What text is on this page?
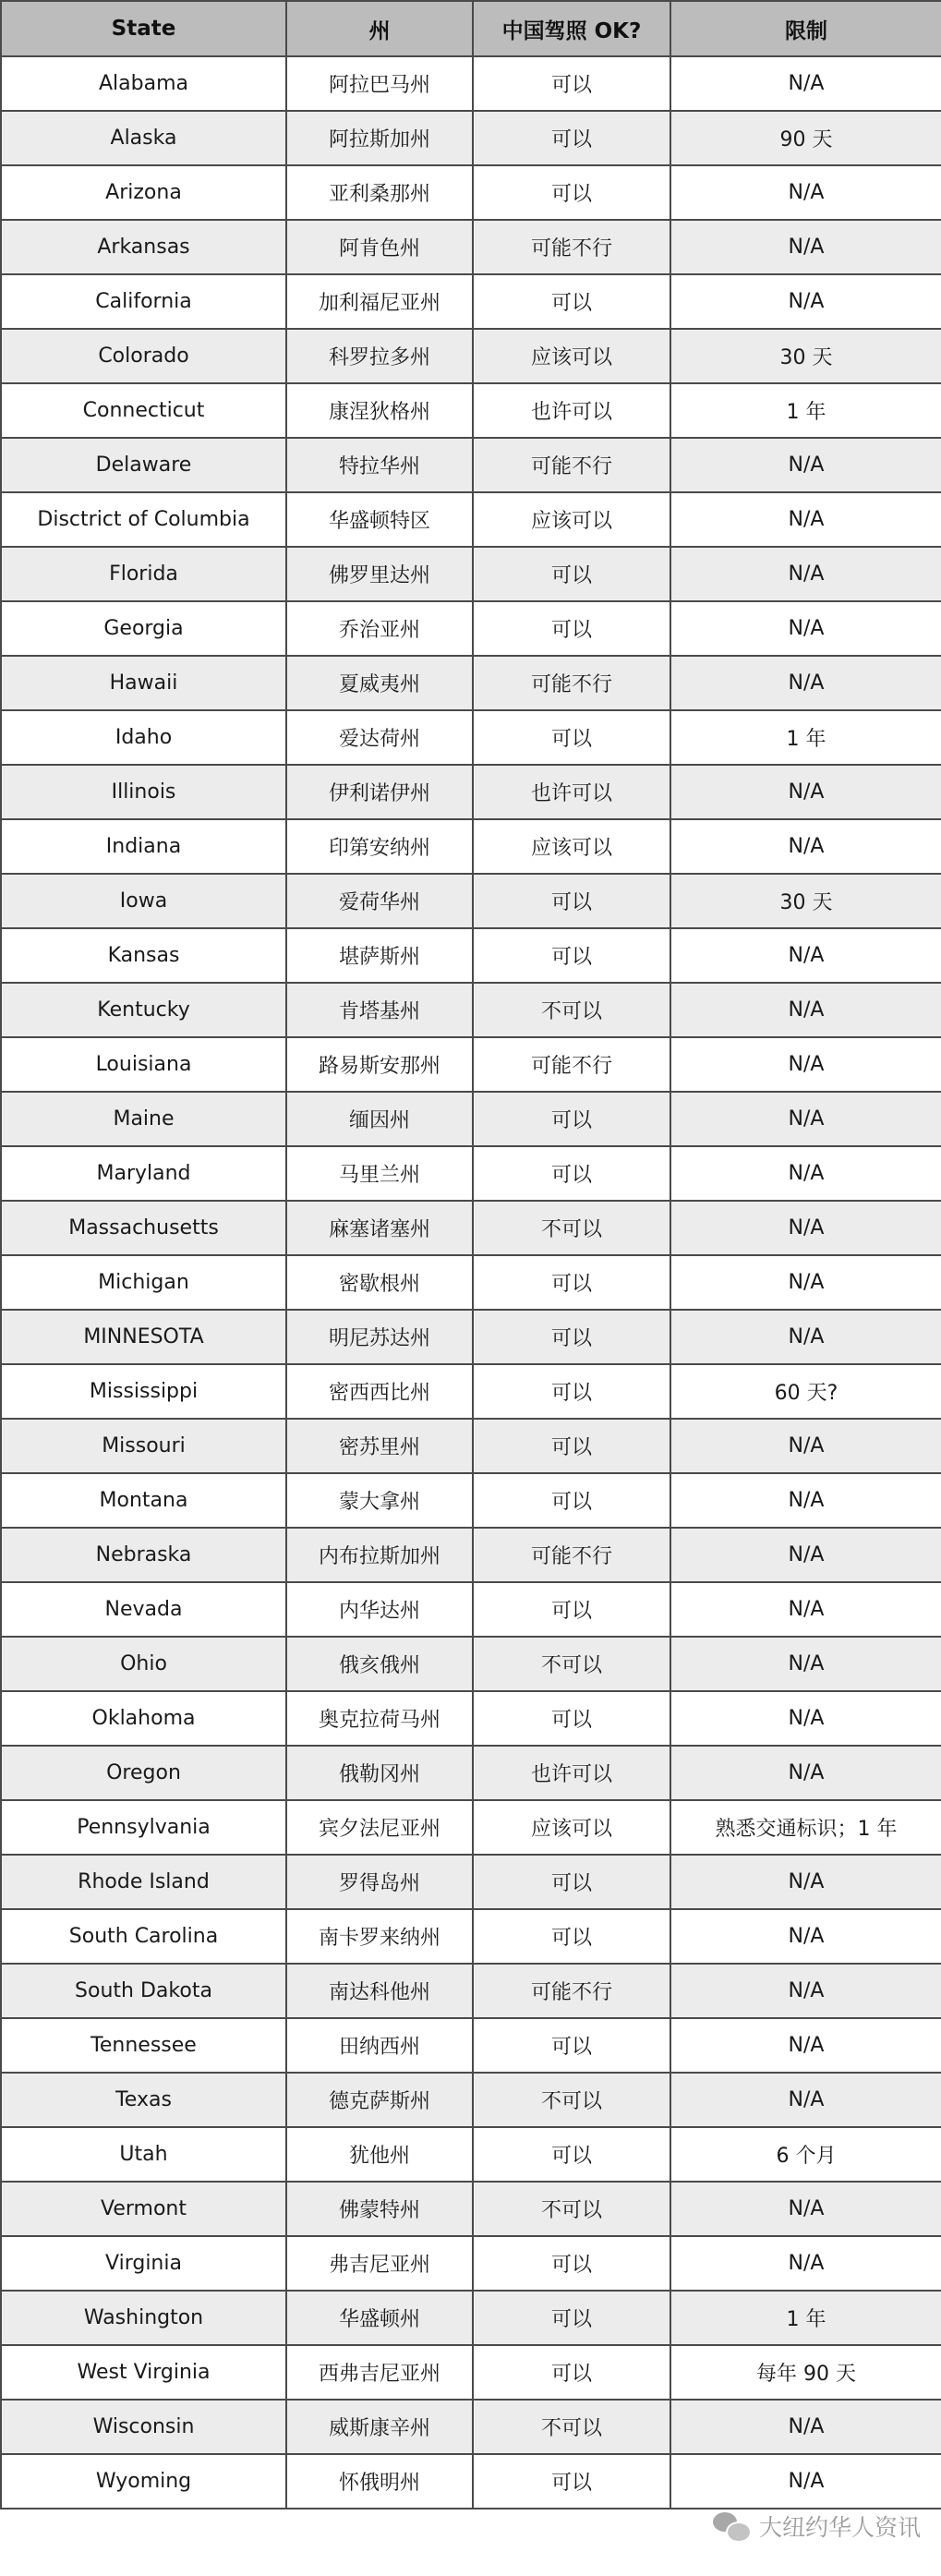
State	州	中国驾照 OK?	限制
Alabama	阿拉巴马州	可以	N/A
Alaska	阿拉斯加州	可以	90 天
Arizona	亚利桑那州	可以	N/A
Arkansas	阿肯色州	可能不行	N/A
California	加利福尼亚州	可以	N/A
Colorado	科罗拉多州	应该可以	30 天
Connecticut	康涅狄格州	也许可以	1 年
Delaware	特拉华州	可能不行	N/A
Disctrict of Columbia	华盛顿特区	应该可以	N/A
Florida	佛罗里达州	可以	N/A
Georgia	乔治亚州	可以	N/A
Hawaii	夏威夷州	可能不行	N/A
Idaho	爱达荷州	可以	1 年
Illinois	伊利诺伊州	也许可以	N/A
Indiana	印第安纳州	应该可以	N/A
Iowa	爱荷华州	可以	30 天
Kansas	堪萨斯州	可以	N/A
Kentucky	肯塔基州	不可以	N/A
Louisiana	路易斯安那州	可能不行	N/A
Maine	缅因州	可以	N/A
Maryland	马里兰州	可以	N/A
Massachusetts	麻塞诸塞州	不可以	N/A
Michigan	密歇根州	可以	N/A
MINNESOTA	明尼苏达州	可以	N/A
Mississippi	密西西比州	可以	60 天?
Missouri	密苏里州	可以	N/A
Montana	蒙大拿州	可以	N/A
Nebraska	内布拉斯加州	可能不行	N/A
Nevada	内华达州	可以	N/A
Ohio	俄亥俄州	不可以	N/A
Oklahoma	奥克拉荷马州	可以	N/A
Oregon	俄勒冈州	也许可以	N/A
Pennsylvania	宾夕法尼亚州	应该可以	熟悉交通标识；1 年
Rhode Island	罗得岛州	可以	N/A
South Carolina	南卡罗来纳州	可以	N/A
South Dakota	南达科他州	可能不行	N/A
Tennessee	田纳西州	可以	N/A
Texas	德克萨斯州	不可以	N/A
Utah	犹他州	可以	6 个月
Vermont	佛蒙特州	不可以	N/A
Virginia	弗吉尼亚州	可以	N/A
Washington	华盛顿州	可以	1 年
West Virginia	西弗吉尼亚州	可以	每年 90 天
Wisconsin	威斯康辛州	不可以	N/A
Wyoming	怀俄明州	可以	N/A
大纽约华人资讯
